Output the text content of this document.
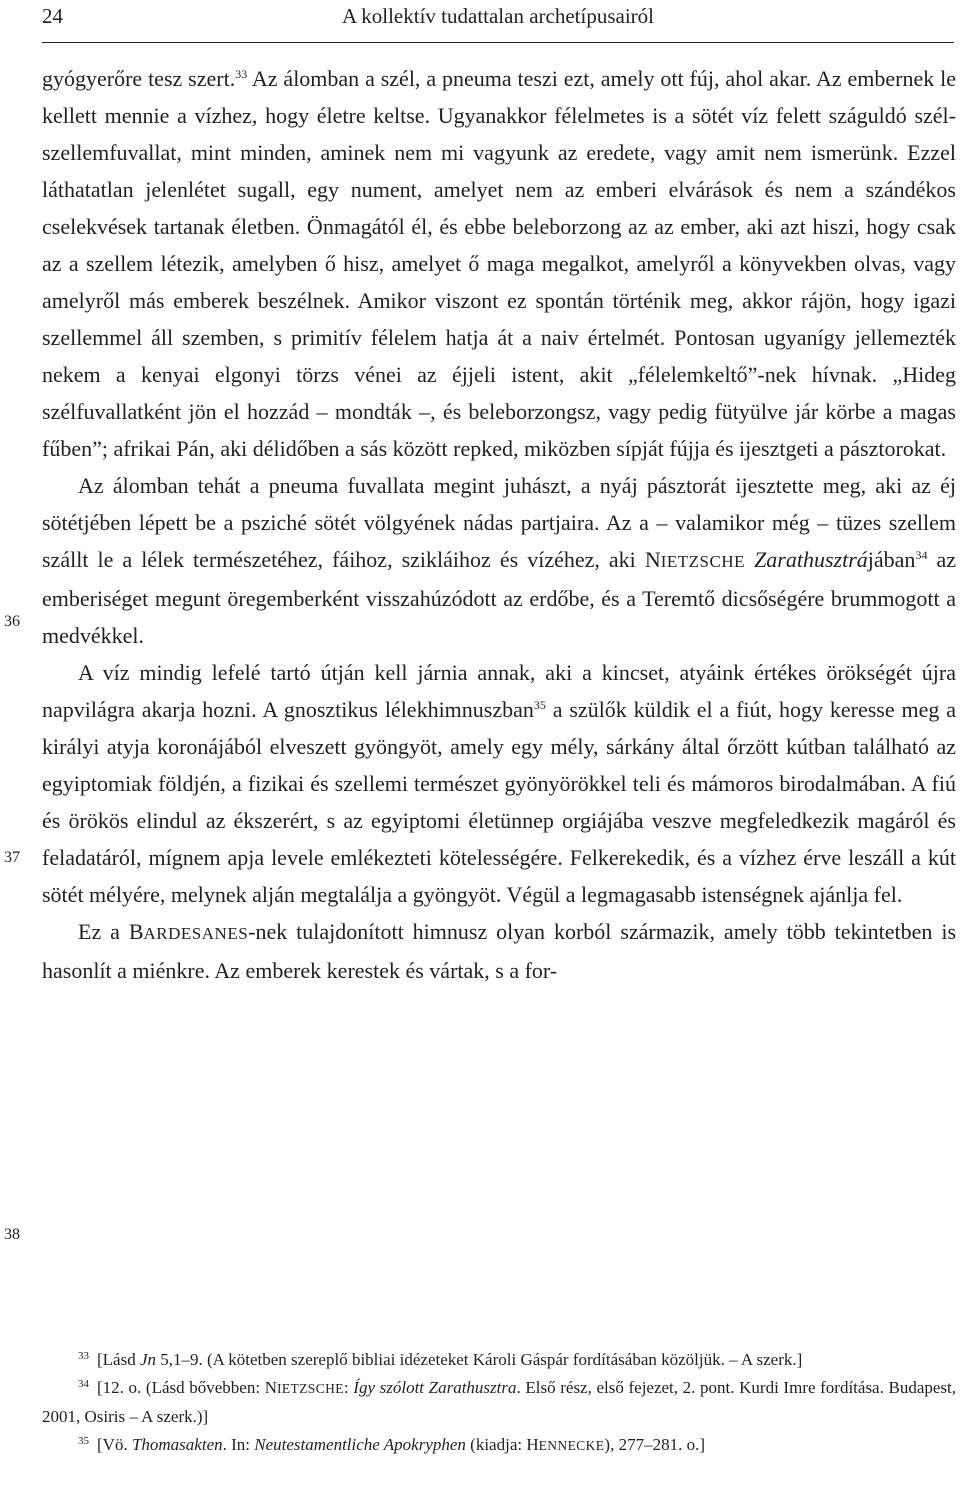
24	A kollektív tudattalan archetípusairól
36
37
38

gyógyerőre tesz szert.$^{33}$ Az álomban a szél, a pneuma teszi ezt, amely ott fúj, ahol akar. Az embernek le kellett mennie a vízhez, hogy életre keltse. Ugyanakkor félelmetes is a sötét víz felett száguldó szél-szellemfuvallat, mint minden, aminek nem mi vagyunk az eredete, vagy amit nem ismerünk. Ezzel láthatatlan jelenlétet sugall, egy nument, amelyet nem az emberi elvárások és nem a szándékos cselekvések tartanak életben. Önmagától él, és ebbe beleborzong az az ember, aki azt hiszi, hogy csak az a szellem létezik, amelyben ő hisz, amelyet ő maga megalkot, amelyről a könyvekben olvas, vagy amelyről más emberek beszélnek. Amikor viszont ez spontán történik meg, akkor rájön, hogy igazi szellemmel áll szemben, s primitív félelem hatja át a naiv értelmét. Pontosan ugyanígy jellemezték nekem a kenyai elgonyi törzs vénei az éjjeli istent, akit „félelemkeltő”-nek hívnak. „Hideg szélfuvallatként jön el hozzád – mondták –, és beleborzongsz, vagy pedig fütyülve jár körbe a magas fűben”; afrikai Pán, aki délidőben a sás között repked, miközben sípját fújja és ijesztgeti a pásztorokat.

Az álomban tehát a pneuma fuvallata megint juhászt, a nyáj pásztorát ijesztette meg, aki az éj sötétjében lépett be a psziché sötét völgyének nádas partjaira. Az a – valamikor még – tüzes szellem szállt le a lélek természetéhez, fáihoz, szikláihoz és vízéhez, aki NIETZSCHE Zarathusztrájában$^{34}$ az emberiséget megunt öregemberként visszahúzódott az erdőbe, és a Teremtő dicsőségére brummogott a medvékkel.

A víz mindig lefelé tartó útján kell járnia annak, aki a kincset, atyáink értékes örökségét újra napvilágra akarja hozni. A gnosztikus lélekhimnuszban$^{35}$ a szülők küldik el a fiút, hogy keresse meg a királyi atyja koronájából elveszett gyöngyöt, amely egy mély, sárkány által őrzött kútban található az egyiptomiak földjén, a fizikai és szellemi természet gyönyörökkel teli és mámoros birodalmában. A fiú és örökös elindul az ékszerért, s az egyiptomi életünnep orgiájába veszve megfeledkezik magáról és feladatáról, mígnem apja levele emlékezteti kötelességére. Felkerekedik, és a vízhez érve leszáll a kút sötét mélyére, melynek alján megtalálja a gyöngyöt. Végül a legmagasabb istenségnek ajánlja fel.

Ez a BARDESANES-nek tulajdonított himnusz olyan korból származik, amely több tekintetben is hasonlít a miénkre. Az emberek kerestek és vártak, s a for-

$^{33}$ [Lásd Jn 5,1–9. (A kötetben szereplő bibliai idézeteket Károli Gáspár fordításában közöljük. – A szerk.]

$^{34}$ [12. o. (Lásd bővebben: NIETZSCHE: Így szólott Zarathusztra. Első rész, első fejezet, 2. pont. Kurdi Imre fordítása. Budapest, 2001, Osiris – A szerk.)]

$^{35}$ [Vö. Thomasakten. In: Neutestamentliche Apokryphen (kiadja: HENNECKE), 277–281. o.]
